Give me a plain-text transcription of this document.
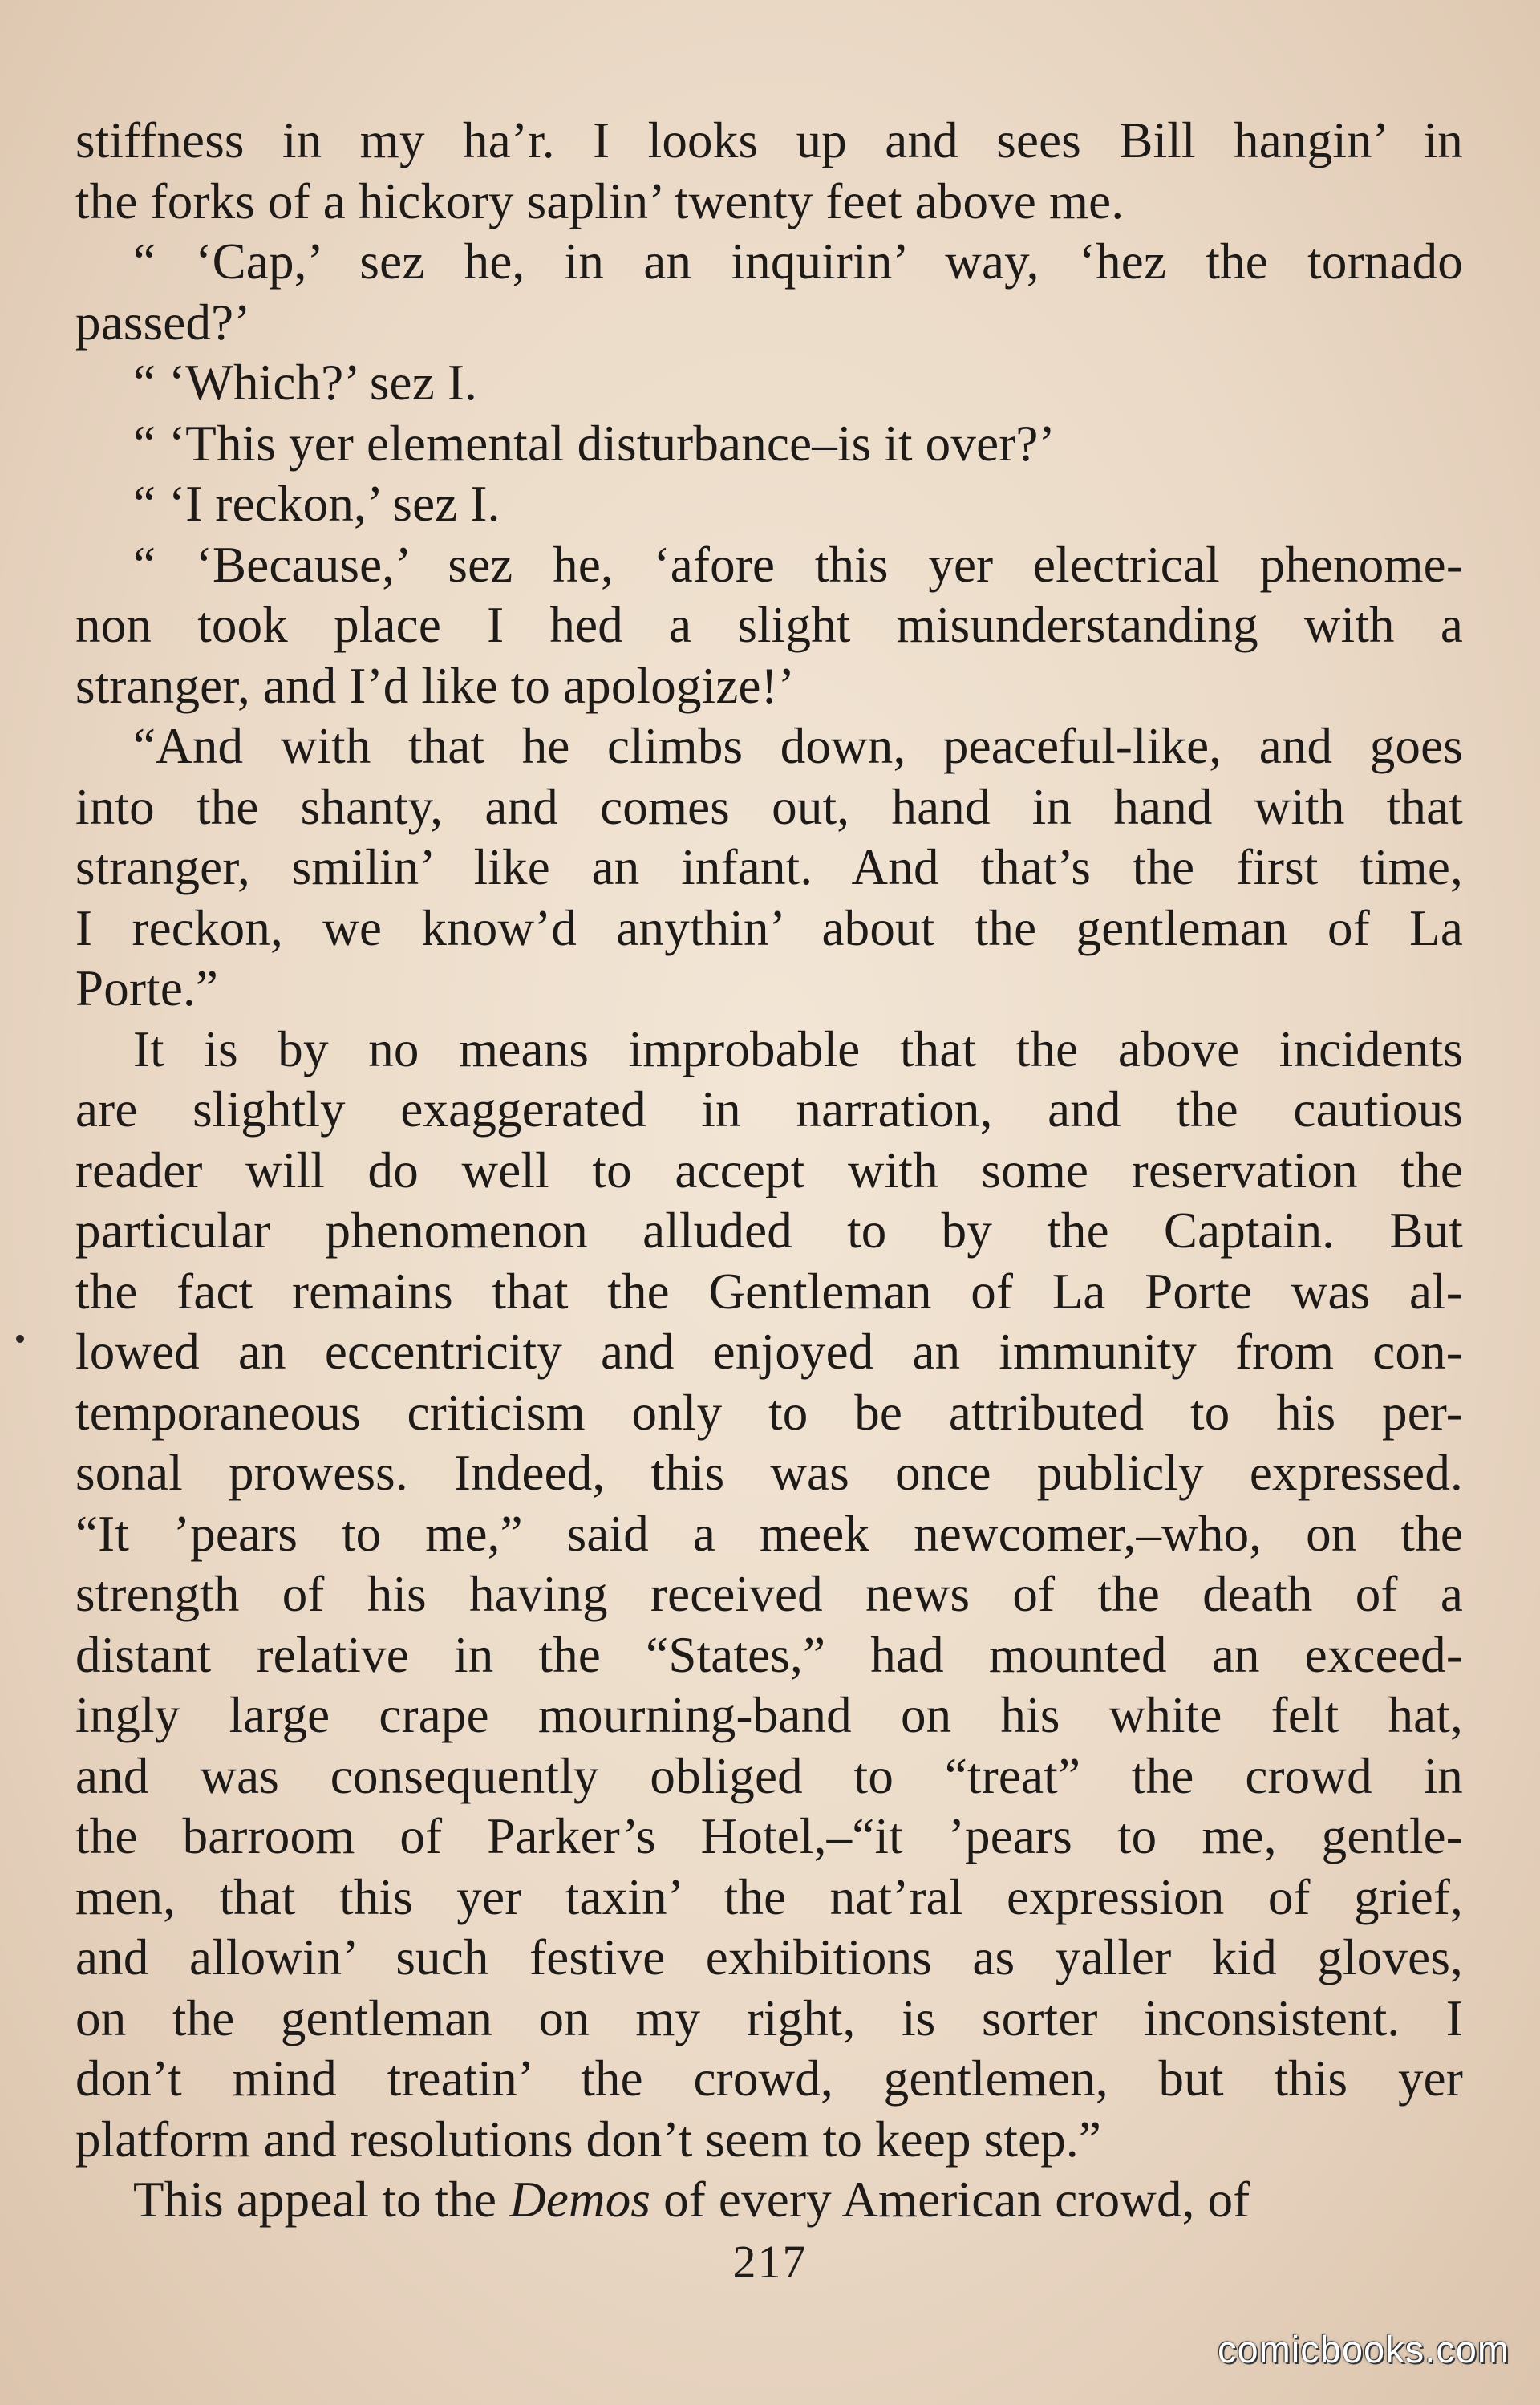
stiffness in my ha’r. I looks up and sees Bill hangin’ in
the forks of a hickory saplin’ twenty feet above me.
“ ‘Cap,’ sez he, in an inquirin’ way, ‘hez the tornado
passed?’
“ ‘Which?’ sez I.
“ ‘This yer elemental disturbance–is it over?’
“ ‘I reckon,’ sez I.
“ ‘Because,’ sez he, ‘afore this yer electrical phenome-
non took place I hed a slight misunderstanding with a
stranger, and I’d like to apologize!’
“And with that he climbs down, peaceful-like, and goes
into the shanty, and comes out, hand in hand with that
stranger, smilin’ like an infant. And that’s the first time,
I reckon, we know’d anythin’ about the gentleman of La
Porte.”
It is by no means improbable that the above incidents
are slightly exaggerated in narration, and the cautious
reader will do well to accept with some reservation the
particular phenomenon alluded to by the Captain. But
the fact remains that the Gentleman of La Porte was al-
lowed an eccentricity and enjoyed an immunity from con-
temporaneous criticism only to be attributed to his per-
sonal prowess. Indeed, this was once publicly expressed.
“It ’pears to me,” said a meek newcomer,–who, on the
strength of his having received news of the death of a
distant relative in the “States,” had mounted an exceed-
ingly large crape mourning-band on his white felt hat,
and was consequently obliged to “treat” the crowd in
the barroom of Parker’s Hotel,–“it ’pears to me, gentle-
men, that this yer taxin’ the nat’ral expression of grief,
and allowin’ such festive exhibitions as yaller kid gloves,
on the gentleman on my right, is sorter inconsistent. I
don’t mind treatin’ the crowd, gentlemen, but this yer
platform and resolutions don’t seem to keep step.”
This appeal to the Demos of every American crowd, of
217
comicbooks.com
